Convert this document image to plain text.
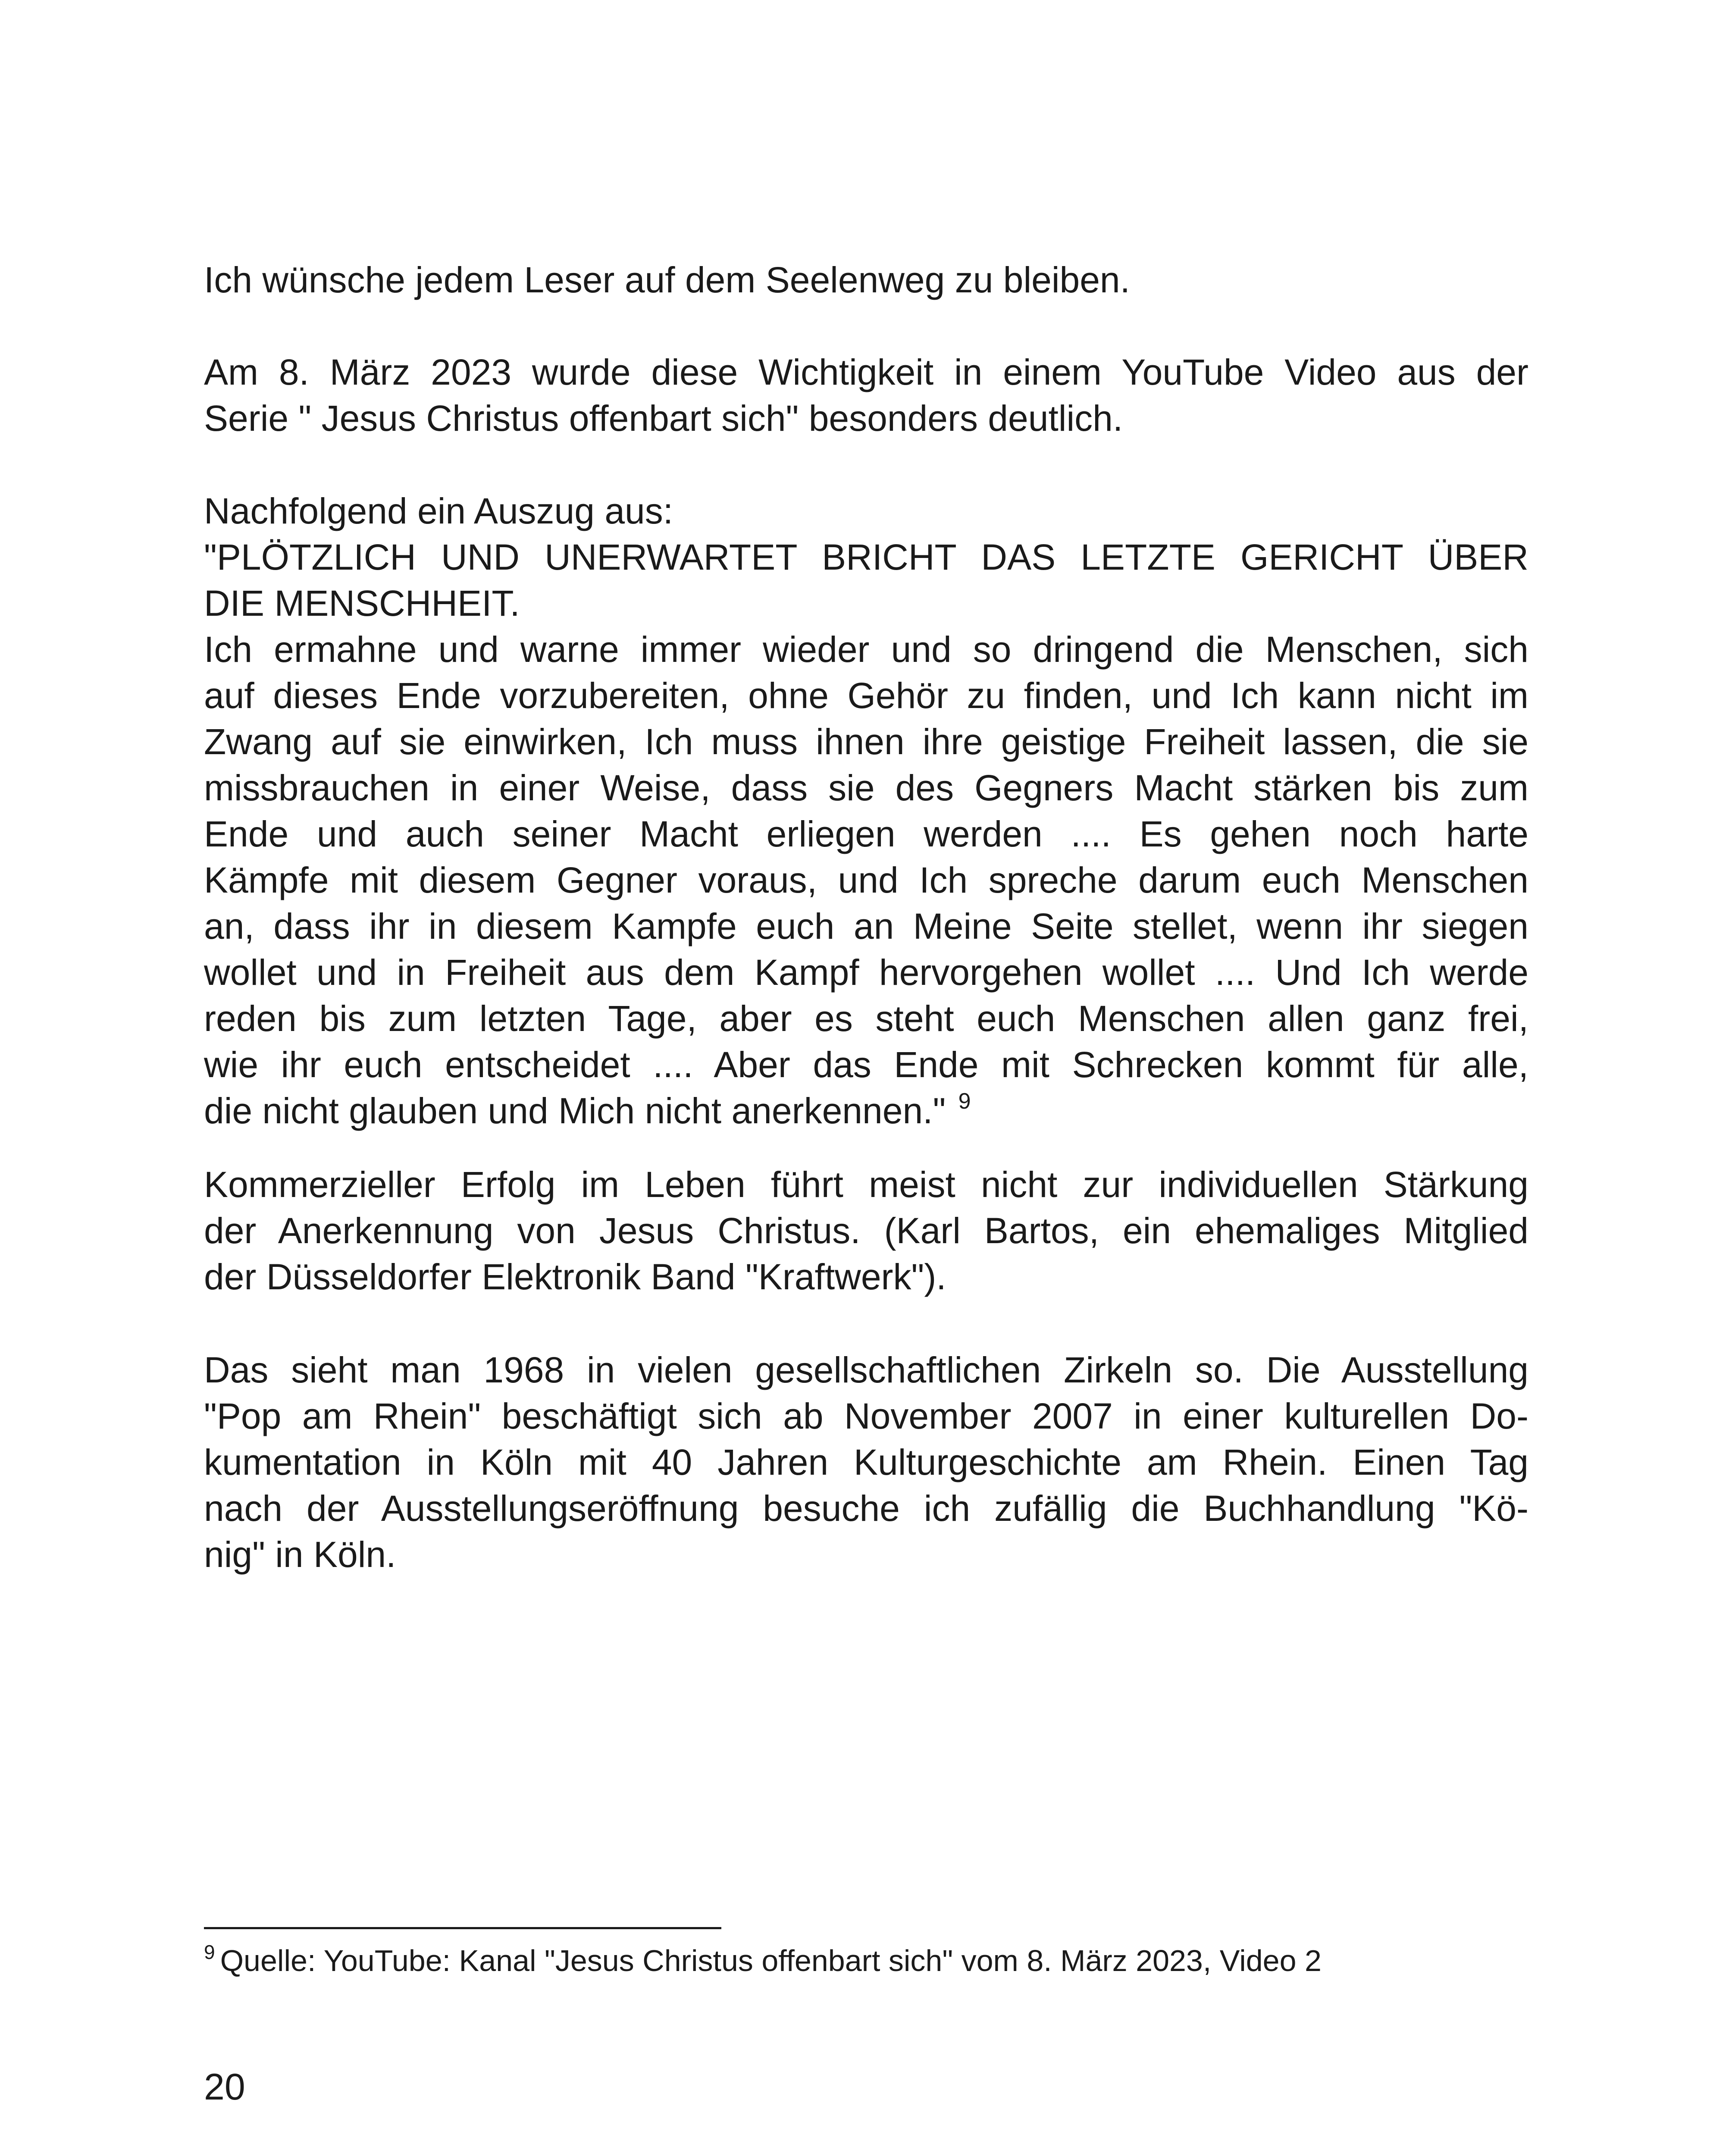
Ich wünsche jedem Leser auf dem Seelenweg zu bleiben.

Am 8. März 2023 wurde diese Wichtigkeit in einem YouTube Video aus der
Serie " Jesus Christus offenbart sich" besonders deutlich.

Nachfolgend ein Auszug aus:
"PLÖTZLICH UND UNERWARTET BRICHT DAS LETZTE GERICHT ÜBER
DIE MENSCHHEIT.
Ich ermahne und warne immer wieder und so dringend die Menschen, sich
auf dieses Ende vorzubereiten, ohne Gehör zu finden, und Ich kann nicht im
Zwang auf sie einwirken, Ich muss ihnen ihre geistige Freiheit lassen, die sie
missbrauchen in einer Weise, dass sie des Gegners Macht stärken bis zum
Ende und auch seiner Macht erliegen werden .... Es gehen noch harte
Kämpfe mit diesem Gegner voraus, und Ich spreche darum euch Menschen
an, dass ihr in diesem Kampfe euch an Meine Seite stellet, wenn ihr siegen
wollet und in Freiheit aus dem Kampf hervorgehen wollet .... Und Ich werde
reden bis zum letzten Tage, aber es steht euch Menschen allen ganz frei,
wie ihr euch entscheidet .... Aber das Ende mit Schrecken kommt für alle,
die nicht glauben und Mich nicht anerkennen." $^9$

Kommerzieller Erfolg im Leben führt meist nicht zur individuellen Stärkung
der Anerkennung von Jesus Christus. (Karl Bartos, ein ehemaliges Mitglied
der Düsseldorfer Elektronik Band "Kraftwerk").

Das sieht man 1968 in vielen gesellschaftlichen Zirkeln so. Die Ausstellung
"Pop am Rhein" beschäftigt sich ab November 2007 in einer kulturellen Do-
kumentation in Köln mit 40 Jahren Kulturgeschichte am Rhein. Einen Tag
nach der Ausstellungseröffnung besuche ich zufällig die Buchhandlung "Kö-
nig" in Köln.

$^9$ Quelle: YouTube: Kanal "Jesus Christus offenbart sich" vom 8. März 2023, Video 2

20
